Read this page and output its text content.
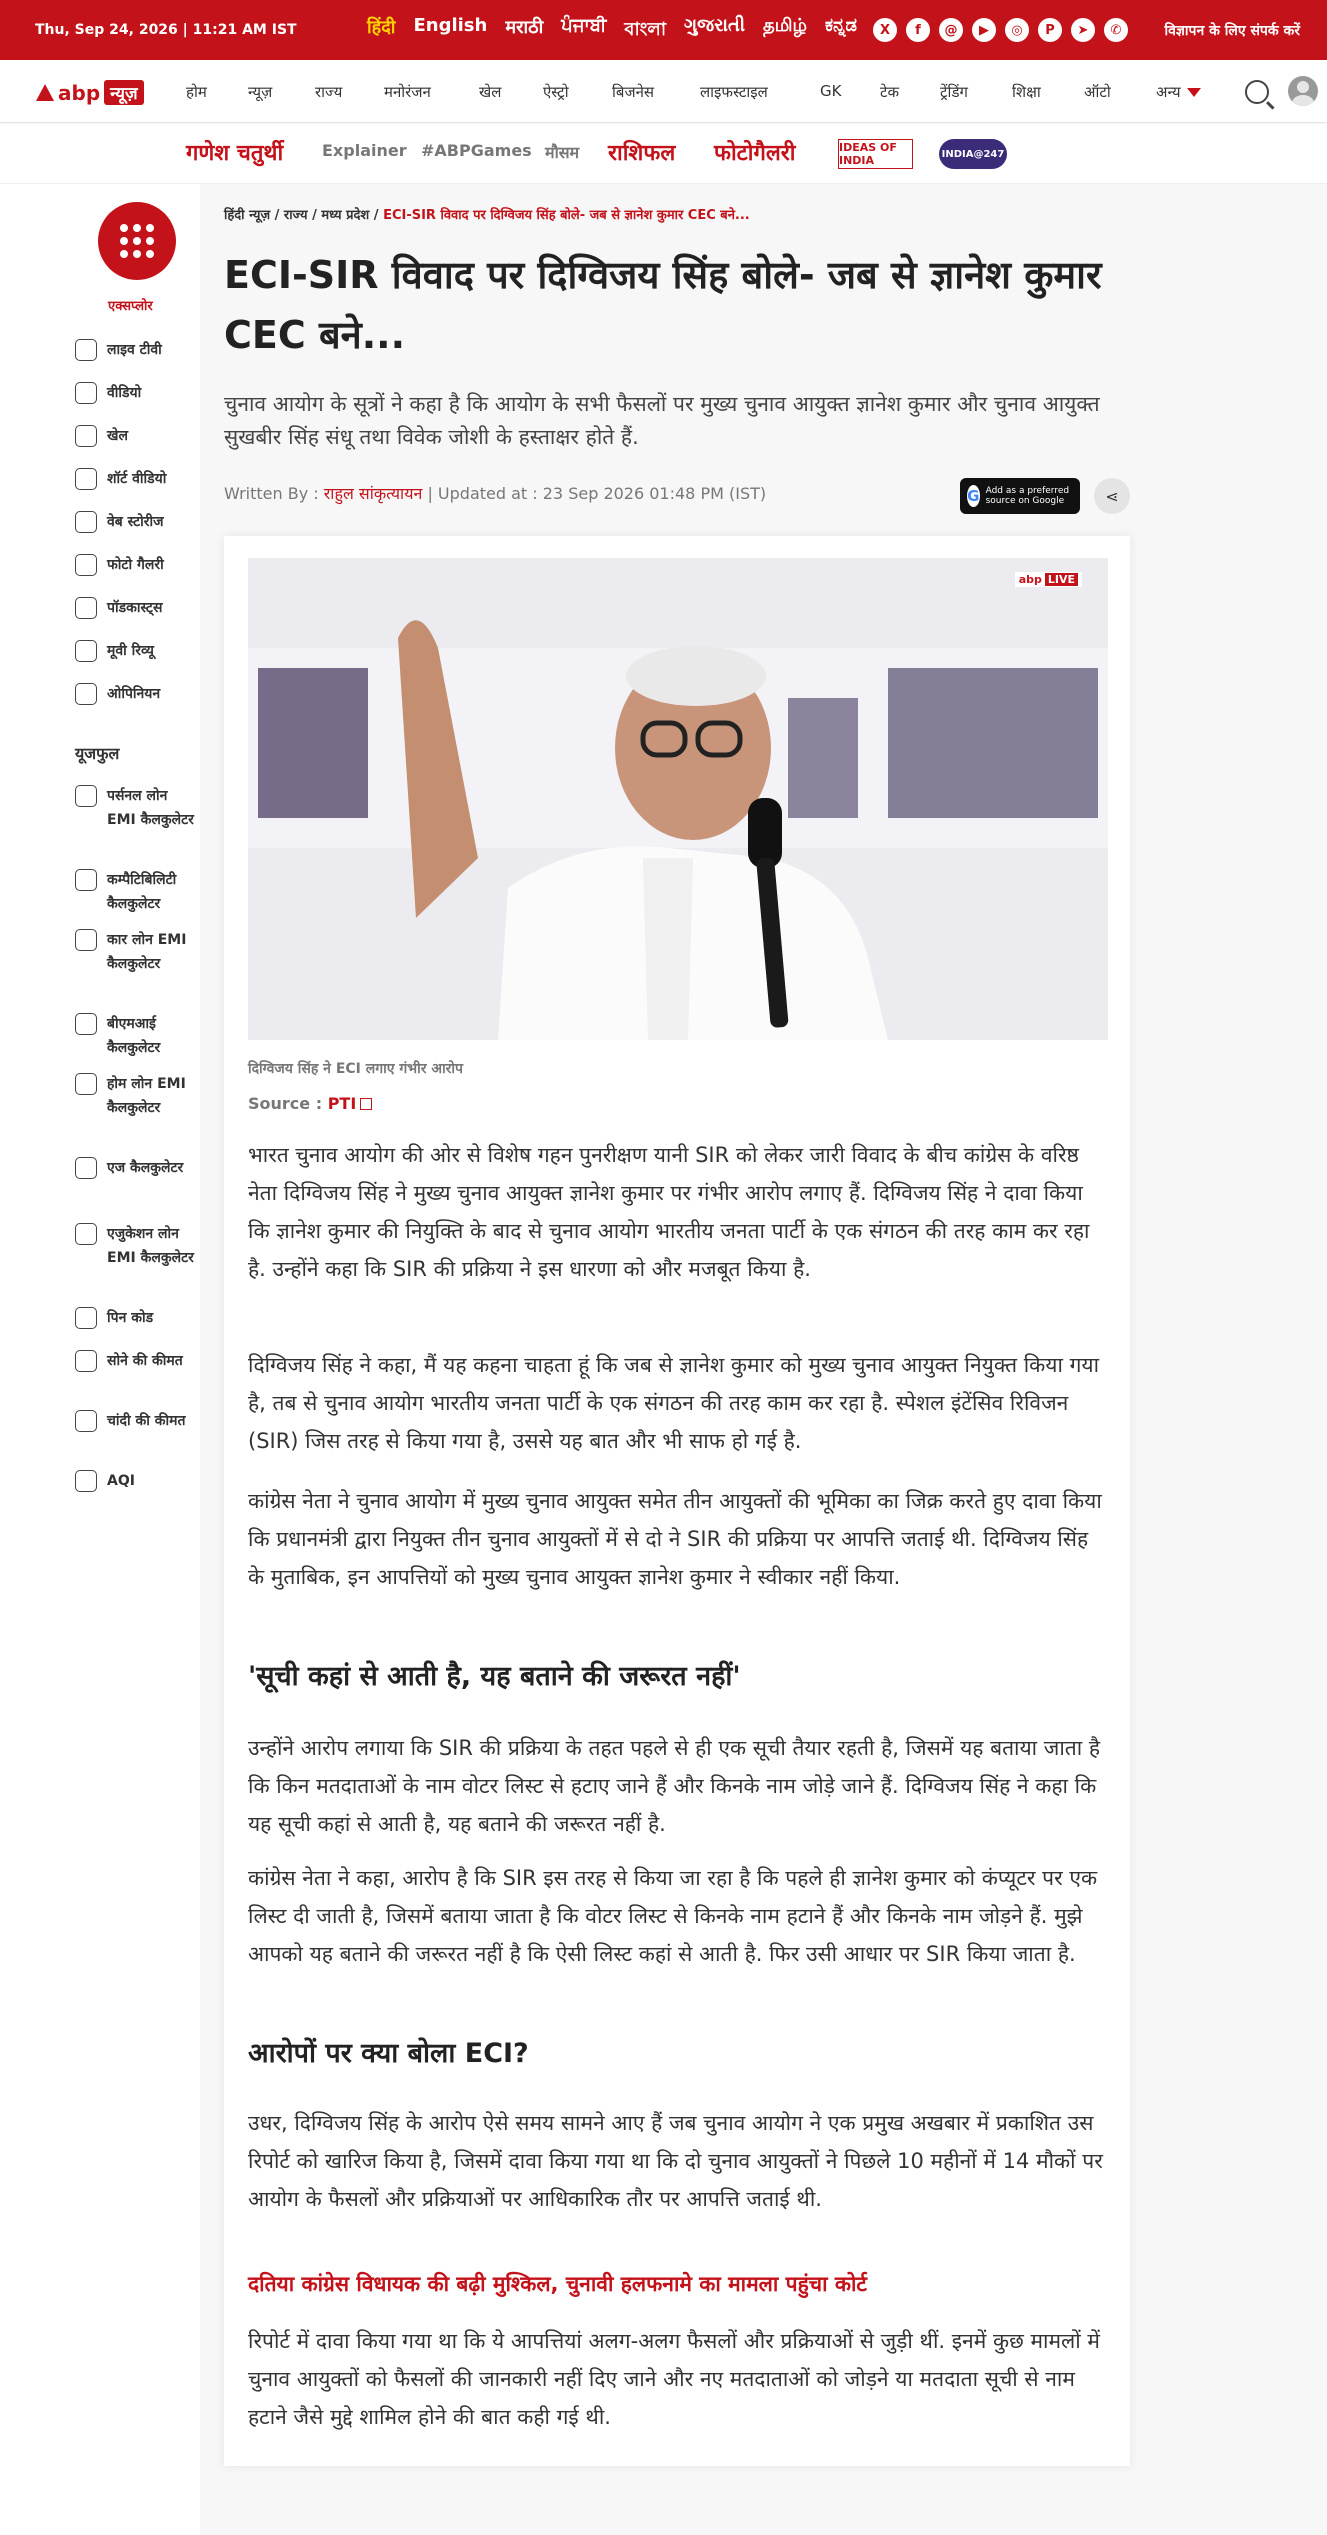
Thu, Sep 24, 2026 | 11:21 AM IST	हिंदी English मराठी ਪੰਜਾਬੀ বাংলা ગુજરાતી தமிழ் ಕನ್ನಡ	X	f	@	▶	◎	P	➤	✆	विज्ञापन के लिए संपर्क करें
abp न्यूज़	होम	न्यूज़	राज्य	मनोरंजन	खेल	ऐस्ट्रो	बिजनेस	लाइफस्टाइल	GK	टेक	ट्रेंडिंग	शिक्षा	ऑटो	अन्य
गणेश चतुर्थी Explainer #ABPGames मौसम राशिफल फोटोगैलरी	IDEAS OF INDIA	INDIA@247
एक्सप्लोर
लाइव टीवी
वीडियो
खेल
शॉर्ट वीडियो
वेब स्टोरीज
फोटो गैलरी
पॉडकास्ट्स
मूवी रिव्यू
ओपिनियन
यूजफुल
पर्सनल लोन EMI कैलकुलेटर
कम्पैटिबिलिटी कैलकुलेटर
कार लोन EMI कैलकुलेटर
बीएमआई कैलकुलेटर
होम लोन EMI कैलकुलेटर
एज कैलकुलेटर
एजुकेशन लोन EMI कैलकुलेटर
पिन कोड
सोने की कीमत
चांदी की कीमत
AQI
हिंदी न्यूज़ / राज्य / मध्य प्रदेश / ECI-SIR विवाद पर दिग्विजय सिंह बोले- जब से ज्ञानेश कुमार CEC बने...
ECI-SIR विवाद पर दिग्विजय सिंह बोले- जब से ज्ञानेश कुमार CEC बने...

चुनाव आयोग के सूत्रों ने कहा है कि आयोग के सभी फैसलों पर मुख्य चुनाव आयुक्त ज्ञानेश कुमार और चुनाव आयुक्त सुखबीर सिंह संधू तथा विवेक जोशी के हस्ताक्षर होते हैं.

Written By : राहुल सांकृत्यायन | Updated at : 23 Sep 2026 01:48 PM (IST)	G Add as a preferred source on Google	⋖
abp LIVE
दिग्विजय सिंह ने ECI लगाए गंभीर आरोप
Source : PTI

भारत चुनाव आयोग की ओर से विशेष गहन पुनरीक्षण यानी SIR को लेकर जारी विवाद के बीच कांग्रेस के वरिष्ठ नेता दिग्विजय सिंह ने मुख्य चुनाव आयुक्त ज्ञानेश कुमार पर गंभीर आरोप लगाए हैं. दिग्विजय सिंह ने दावा किया कि ज्ञानेश कुमार की नियुक्ति के बाद से चुनाव आयोग भारतीय जनता पार्टी के एक संगठन की तरह काम कर रहा है. उन्होंने कहा कि SIR की प्रक्रिया ने इस धारणा को और मजबूत किया है.

दिग्विजय सिंह ने कहा, मैं यह कहना चाहता हूं कि जब से ज्ञानेश कुमार को मुख्य चुनाव आयुक्त नियुक्त किया गया है, तब से चुनाव आयोग भारतीय जनता पार्टी के एक संगठन की तरह काम कर रहा है. स्पेशल इंटेंसिव रिविजन (SIR) जिस तरह से किया गया है, उससे यह बात और भी साफ हो गई है.

कांग्रेस नेता ने चुनाव आयोग में मुख्य चुनाव आयुक्त समेत तीन आयुक्तों की भूमिका का जिक्र करते हुए दावा किया कि प्रधानमंत्री द्वारा नियुक्त तीन चुनाव आयुक्तों में से दो ने SIR की प्रक्रिया पर आपत्ति जताई थी. दिग्विजय सिंह के मुताबिक, इन आपत्तियों को मुख्य चुनाव आयुक्त ज्ञानेश कुमार ने स्वीकार नहीं किया.

'सूची कहां से आती है, यह बताने की जरूरत नहीं'

उन्होंने आरोप लगाया कि SIR की प्रक्रिया के तहत पहले से ही एक सूची तैयार रहती है, जिसमें यह बताया जाता है कि किन मतदाताओं के नाम वोटर लिस्ट से हटाए जाने हैं और किनके नाम जोड़े जाने हैं. दिग्विजय सिंह ने कहा कि यह सूची कहां से आती है, यह बताने की जरूरत नहीं है.

कांग्रेस नेता ने कहा, आरोप है कि SIR इस तरह से किया जा रहा है कि पहले ही ज्ञानेश कुमार को कंप्यूटर पर एक लिस्ट दी जाती है, जिसमें बताया जाता है कि वोटर लिस्ट से किनके नाम हटाने हैं और किनके नाम जोड़ने हैं. मुझे आपको यह बताने की जरूरत नहीं है कि ऐसी लिस्ट कहां से आती है. फिर उसी आधार पर SIR किया जाता है.

आरोपों पर क्या बोला ECI?

उधर, दिग्विजय सिंह के आरोप ऐसे समय सामने आए हैं जब चुनाव आयोग ने एक प्रमुख अखबार में प्रकाशित उस रिपोर्ट को खारिज किया है, जिसमें दावा किया गया था कि दो चुनाव आयुक्तों ने पिछले 10 महीनों में 14 मौकों पर आयोग के फैसलों और प्रक्रियाओं पर आधिकारिक तौर पर आपत्ति जताई थी.

दतिया कांग्रेस विधायक की बढ़ी मुश्किल, चुनावी हलफनामे का मामला पहुंचा कोर्ट

रिपोर्ट में दावा किया गया था कि ये आपत्तियां अलग-अलग फैसलों और प्रक्रियाओं से जुड़ी थीं. इनमें कुछ मामलों में चुनाव आयुक्तों को फैसलों की जानकारी नहीं दिए जाने और नए मतदाताओं को जोड़ने या मतदाता सूची से नाम हटाने जैसे मुद्दे शामिल होने की बात कही गई थी.
